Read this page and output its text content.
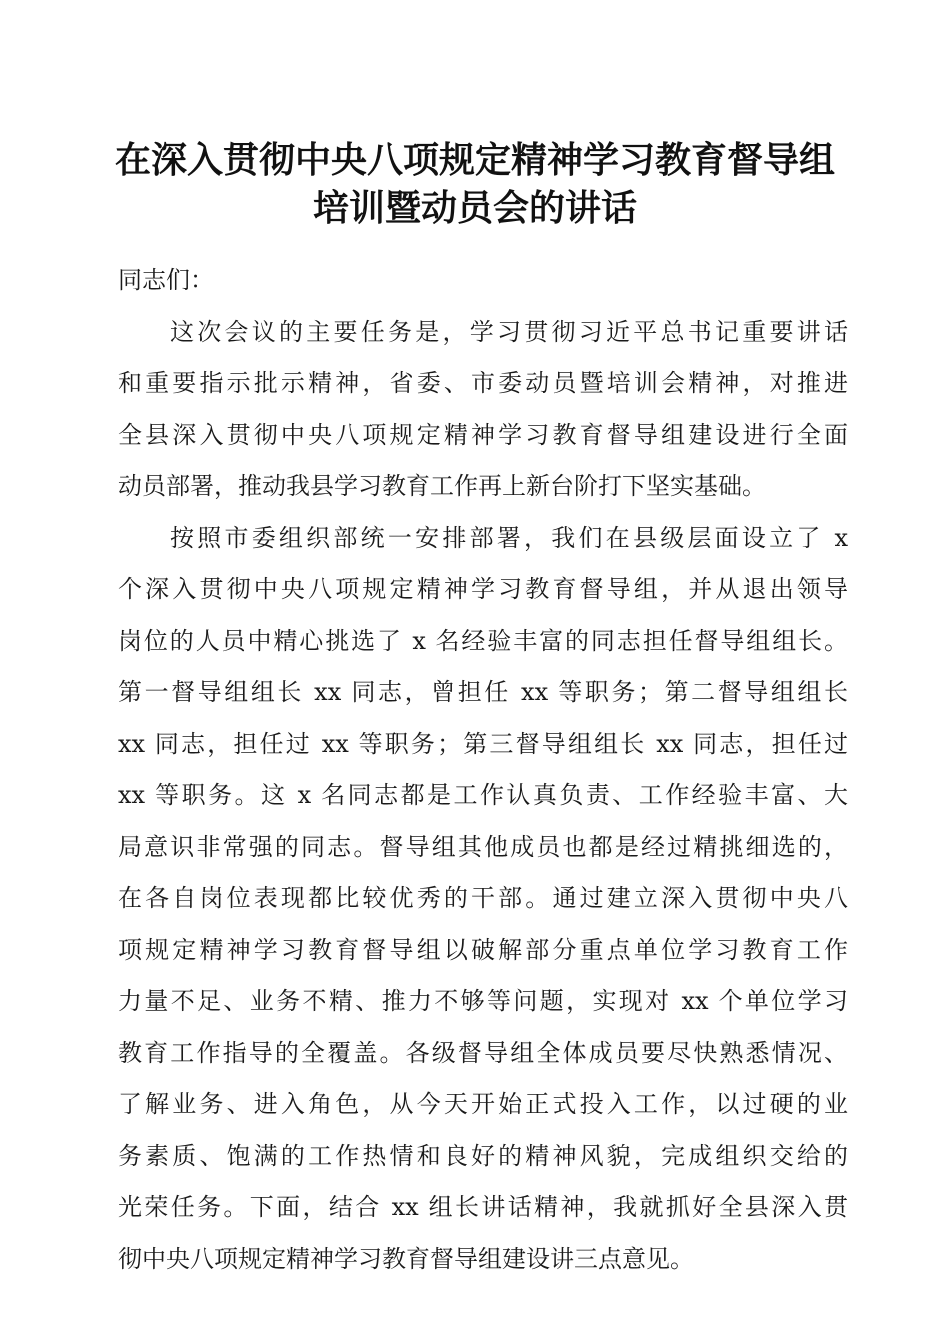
在深入贯彻中央八项规定精神学习教育督导组
培训暨动员会的讲话
同志们：
这次会议的主要任务是，学习贯彻习近平总书记重要讲话
和重要指示批示精神，省委、市委动员暨培训会精神，对推进
全县深入贯彻中央八项规定精神学习教育督导组建设进行全面
动员部署，推动我县学习教育工作再上新台阶打下坚实基础。
按照市委组织部统一安排部署，我们在县级层面设立了 x
个深入贯彻中央八项规定精神学习教育督导组，并从退出领导
岗位的人员中精心挑选了 x 名经验丰富的同志担任督导组组长。
第一督导组组长 xx 同志，曾担任 xx 等职务；第二督导组组长
xx 同志，担任过 xx 等职务；第三督导组组长 xx 同志，担任过
xx 等职务。这 x 名同志都是工作认真负责、工作经验丰富、大
局意识非常强的同志。督导组其他成员也都是经过精挑细选的，
在各自岗位表现都比较优秀的干部。通过建立深入贯彻中央八
项规定精神学习教育督导组以破解部分重点单位学习教育工作
力量不足、业务不精、推力不够等问题，实现对 xx 个单位学习
教育工作指导的全覆盖。各级督导组全体成员要尽快熟悉情况、
了解业务、进入角色，从今天开始正式投入工作，以过硬的业
务素质、饱满的工作热情和良好的精神风貌，完成组织交给的
光荣任务。下面，结合 xx 组长讲话精神，我就抓好全县深入贯
彻中央八项规定精神学习教育督导组建设讲三点意见。
